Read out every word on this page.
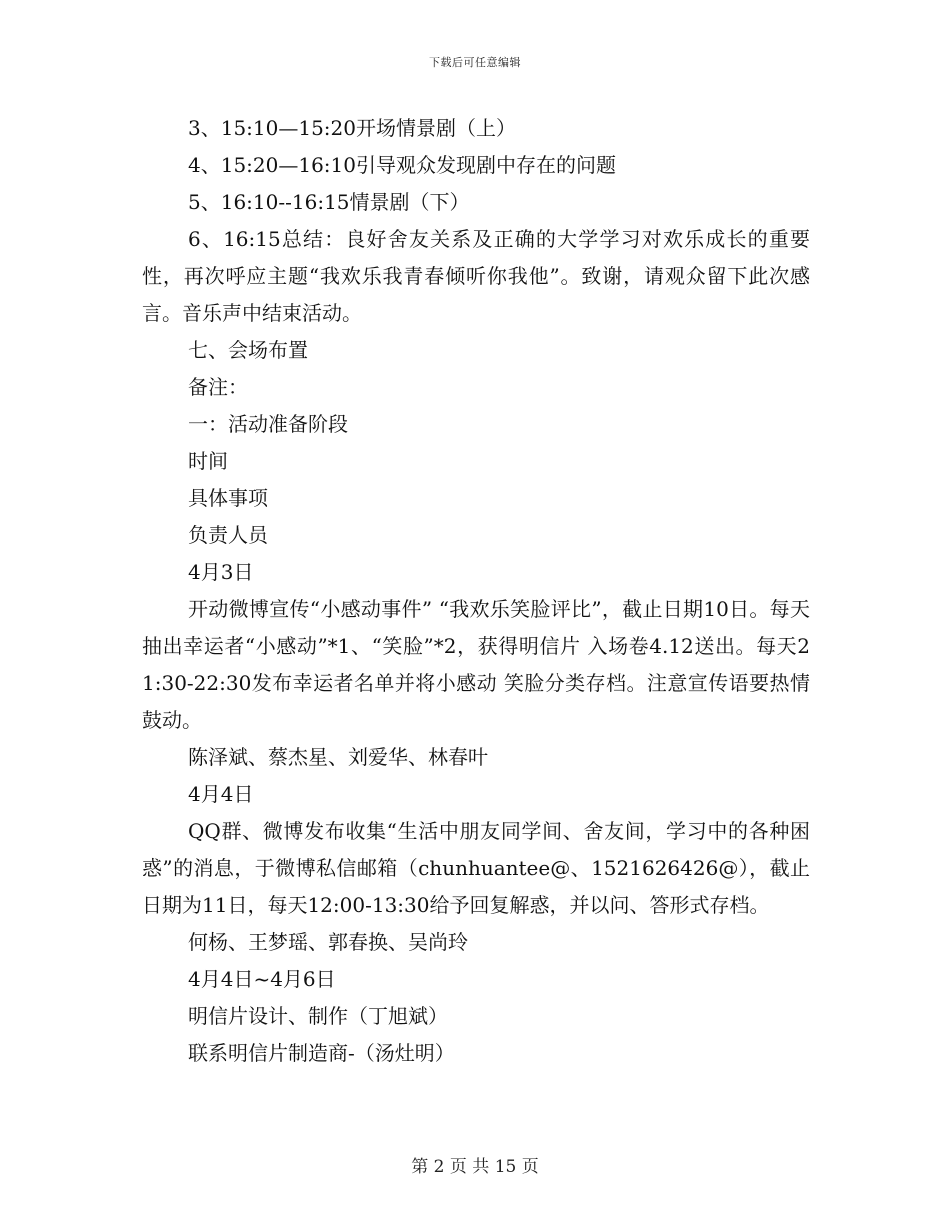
下载后可任意编辑

3、15:10—15:20开场情景剧（上）

4、15:20—16:10引导观众发现剧中存在的问题

5、16:10--16:15情景剧（下）

6、16:15总结：良好舍友关系及正确的大学学习对欢乐成长的重要性，再次呼应主题“我欢乐我青春倾听你我他”。致谢，请观众留下此次感言。音乐声中结束活动。

七、会场布置

备注：

一：活动准备阶段

时间

具体事项

负责人员

4月3日

开动微博宣传“小感动事件” “我欢乐笑脸评比”，截止日期10日。每天抽出幸运者“小感动”*1、“笑脸”*2，获得明信片 入场卷4.12送出。每天21:30-22:30发布幸运者名单并将小感动 笑脸分类存档。注意宣传语要热情鼓动。

陈泽斌、蔡杰星、刘爱华、林春叶

4月4日

QQ群、微博发布收集“生活中朋友同学间、舍友间，学习中的各种困惑”的消息，于微博私信邮箱（chunhuantee@、1521626426@），截止日期为11日，每天12:00-13:30给予回复解惑，并以问、答形式存档。

何杨、王梦瑶、郭春换、吴尚玲

4月4日~4月6日

明信片设计、制作（丁旭斌）

联系明信片制造商-（汤灶明）

第 2 页 共 15 页
